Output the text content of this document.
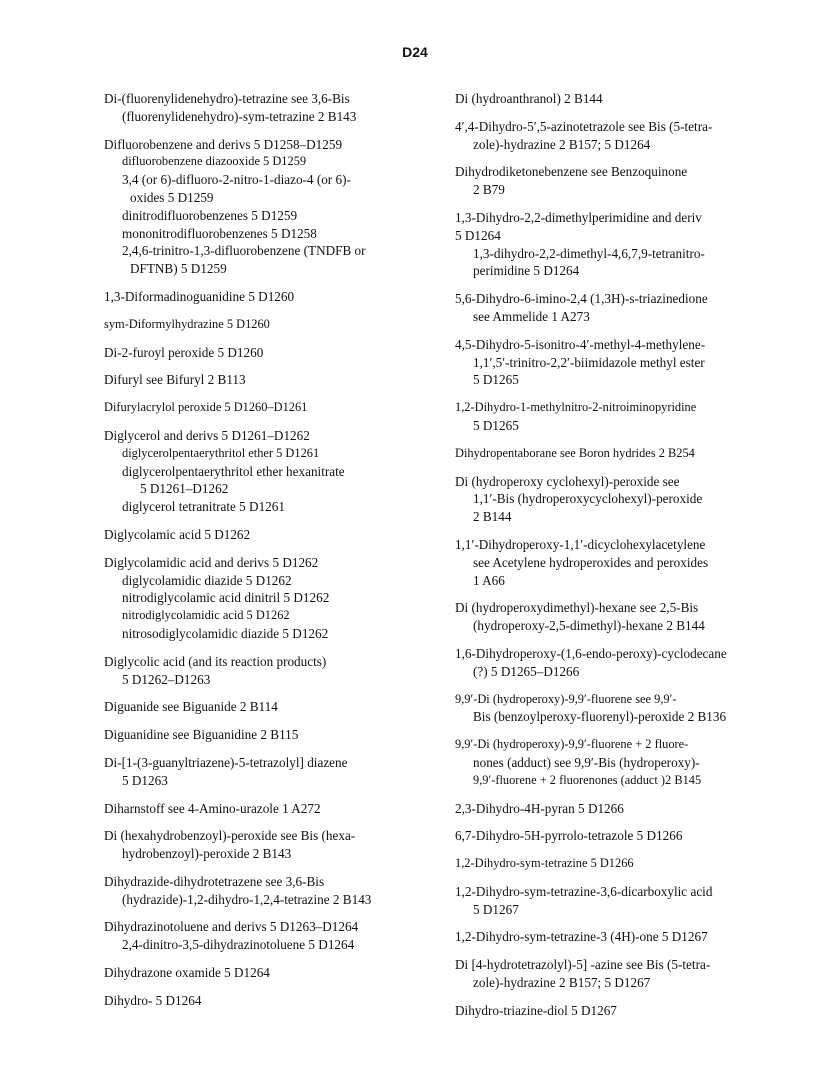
D24
Di-(fluorenylidenehydro)-tetrazine see 3,6-Bis
(fluorenylidenehydro)-sym-tetrazine 2 B143
Difluorobenzene and derivs 5 D1258–D1259
difluorobenzene diazooxide 5 D1259
3,4 (or 6)-difluoro-2-nitro-1-diazo-4 (or 6)-
oxides 5 D1259
dinitrodifluorobenzenes 5 D1259
mononitrodifluorobenzenes 5 D1258
2,4,6-trinitro-1,3-difluorobenzene (TNDFB or
DFTNB) 5 D1259
1,3-Diformadinoguanidine 5 D1260
sym-Diformylhydrazine 5 D1260
Di-2-furoyl peroxide 5 D1260
Difuryl see Bifuryl 2 B113
Difurylacrylol peroxide 5 D1260–D1261
Diglycerol and derivs 5 D1261–D1262
diglycerolpentaerythritol ether 5 D1261
diglycerolpentaerythritol ether hexanitrate
5 D1261–D1262
diglycerol tetranitrate 5 D1261
Diglycolamic acid 5 D1262
Diglycolamidic acid and derivs 5 D1262
diglycolamidic diazide 5 D1262
nitrodiglycolamic acid dinitril 5 D1262
nitrodiglycolamidic acid 5 D1262
nitrosodiglycolamidic diazide 5 D1262
Diglycolic acid (and its reaction products)
5 D1262–D1263
Diguanide see Biguanide 2 B114
Diguanidine see Biguanidine 2 B115
Di-[1-(3-guanyltriazene)-5-tetrazolyl] diazene
5 D1263
Diharnstoff see 4-Amino-urazole 1 A272
Di (hexahydrobenzoyl)-peroxide see Bis (hexa-
hydrobenzoyl)-peroxide 2 B143
Dihydrazide-dihydrotetrazene see 3,6-Bis
(hydrazide)-1,2-dihydro-1,2,4-tetrazine 2 B143
Dihydrazinotoluene and derivs 5 D1263–D1264
2,4-dinitro-3,5-dihydrazinotoluene 5 D1264
Dihydrazone oxamide 5 D1264
Dihydro- 5 D1264
Di (hydroanthranol) 2 B144
4′,4-Dihydro-5′,5-azinotetrazole see Bis (5-tetra-
zole)-hydrazine 2 B157; 5 D1264
Dihydrodiketonebenzene see Benzoquinone
2 B79
1,3-Dihydro-2,2-dimethylperimidine and deriv
5 D1264
1,3-dihydro-2,2-dimethyl-4,6,7,9-tetranitro-
perimidine 5 D1264
5,6-Dihydro-6-imino-2,4 (1,3H)-s-triazinedione
see Ammelide 1 A273
4,5-Dihydro-5-isonitro-4′-methyl-4-methylene-
1,1′,5′-trinitro-2,2′-biimidazole methyl ester
5 D1265
1,2-Dihydro-1-methylnitro-2-nitroiminopyridine
5 D1265
Dihydropentaborane see Boron hydrides 2 B254
Di (hydroperoxy cyclohexyl)-peroxide see
1,1′-Bis (hydroperoxycyclohexyl)-peroxide
2 B144
1,1′-Dihydroperoxy-1,1′-dicyclohexylacetylene
see Acetylene hydroperoxides and peroxides
1 A66
Di (hydroperoxydimethyl)-hexane see 2,5-Bis
(hydroperoxy-2,5-dimethyl)-hexane 2 B144
1,6-Dihydroperoxy-(1,6-endo-peroxy)-cyclodecane
(?) 5 D1265–D1266
9,9′-Di (hydroperoxy)-9,9′-fluorene see 9,9′-
Bis (benzoylperoxy-fluorenyl)-peroxide 2 B136
9,9′-Di (hydroperoxy)-9,9′-fluorene + 2 fluore-
nones (adduct) see 9,9′-Bis (hydroperoxy)-
9,9′-fluorene + 2 fluorenones (adduct )2 B145
2,3-Dihydro-4H-pyran 5 D1266
6,7-Dihydro-5H-pyrrolo-tetrazole 5 D1266
1,2-Dihydro-sym-tetrazine 5 D1266
1,2-Dihydro-sym-tetrazine-3,6-dicarboxylic acid
5 D1267
1,2-Dihydro-sym-tetrazine-3 (4H)-one 5 D1267
Di [4-hydrotetrazolyl)-5] -azine see Bis (5-tetra-
zole)-hydrazine 2 B157; 5 D1267
Dihydro-triazine-diol 5 D1267
